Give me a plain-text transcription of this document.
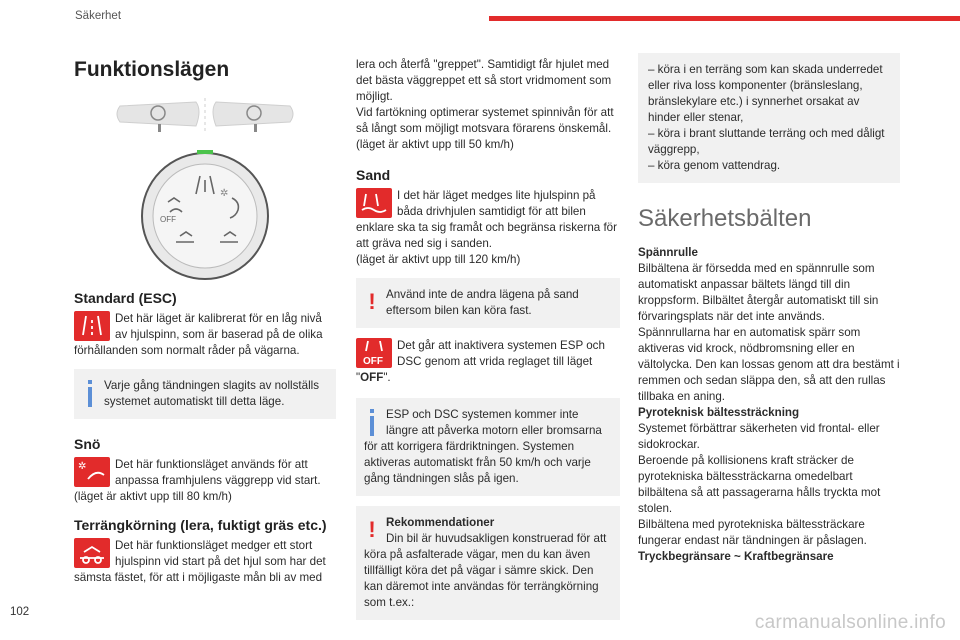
Säkerhet
Funktionslägen
OFF
✲
Standard (ESC)
Det här läget är kalibrerat för en låg nivå av hjulspinn, som är baserad på de olika förhållanden som normalt råder på vägarna.
Varje gång tändningen slagits av nollställs systemet automatiskt till detta läge.
Snö
✲	Det här funktionsläget används för att anpassa framhjulens väggrepp vid start.
(läget är aktivt upp till 80 km/h)
Terrängkörning (lera, fuktigt gräs etc.)
Det här funktionsläget medger ett stort hjulspinn vid start på det hjul som har det sämsta fästet, för att i möjligaste mån bli av med
lera och återfå "greppet". Samtidigt får hjulet med det bästa väggreppet ett så stort vridmoment som möjligt.
Vid fartökning optimerar systemet spinnivån för att så långt som möjligt motsvara förarens önskemål.
(läget är aktivt upp till 50 km/h)
Sand
I det här läget medges lite hjulspinn på båda drivhjulen samtidigt för att bilen enklare ska ta sig framåt och begränsa riskerna för att gräva ned sig i sanden.
(läget är aktivt upp till 120 km/h)
! Använd inte de andra lägena på sand eftersom bilen kan köra fast.
OFF
Det går att inaktivera systemen ESP och DSC genom att vrida reglaget till läget "OFF".
ESP och DSC systemen kommer inte längre att påverka motorn eller bromsarna för att korrigera färdriktningen. Systemen aktiveras automatiskt från 50 km/h och varje gång tändningen slås på igen.
! Rekommendationer
Din bil är huvudsakligen konstruerad för att köra på asfalterade vägar, men du kan även tillfälligt köra det på vägar i sämre skick. Den kan däremot inte användas för terrängkörning som t.ex.:
– köra i en terräng som kan skada underredet eller riva loss komponenter (bränsleslang, bränslekylare etc.) i synnerhet orsakat av hinder eller stenar,
– köra i brant sluttande terräng och med dåligt väggrepp,
– köra genom vattendrag.
Säkerhetsbälten
Spännrulle
Bilbältena är försedda med en spännrulle som automatiskt anpassar bältets längd till din kroppsform. Bilbältet återgår automatiskt till sin förvaringsplats när det inte används.
Spännrullarna har en automatisk spärr som aktiveras vid krock, nödbromsning eller en vältolycka. Den kan lossas genom att dra bestämt i remmen och sedan släppa den, så att den rullas tillbaka en aning.
Pyroteknisk bältessträckning
Systemet förbättrar säkerheten vid frontal- eller sidokrockar.
Beroende på kollisionens kraft sträcker de pyrotekniska bältessträckarna omedelbart bilbältena så att passagerarna hålls tryckta mot stolen.
Bilbältena med pyrotekniska bältessträckare fungerar endast när tändningen är påslagen.
Tryckbegränsare ~ Kraftbegränsare
102	carmanualsonline.info
